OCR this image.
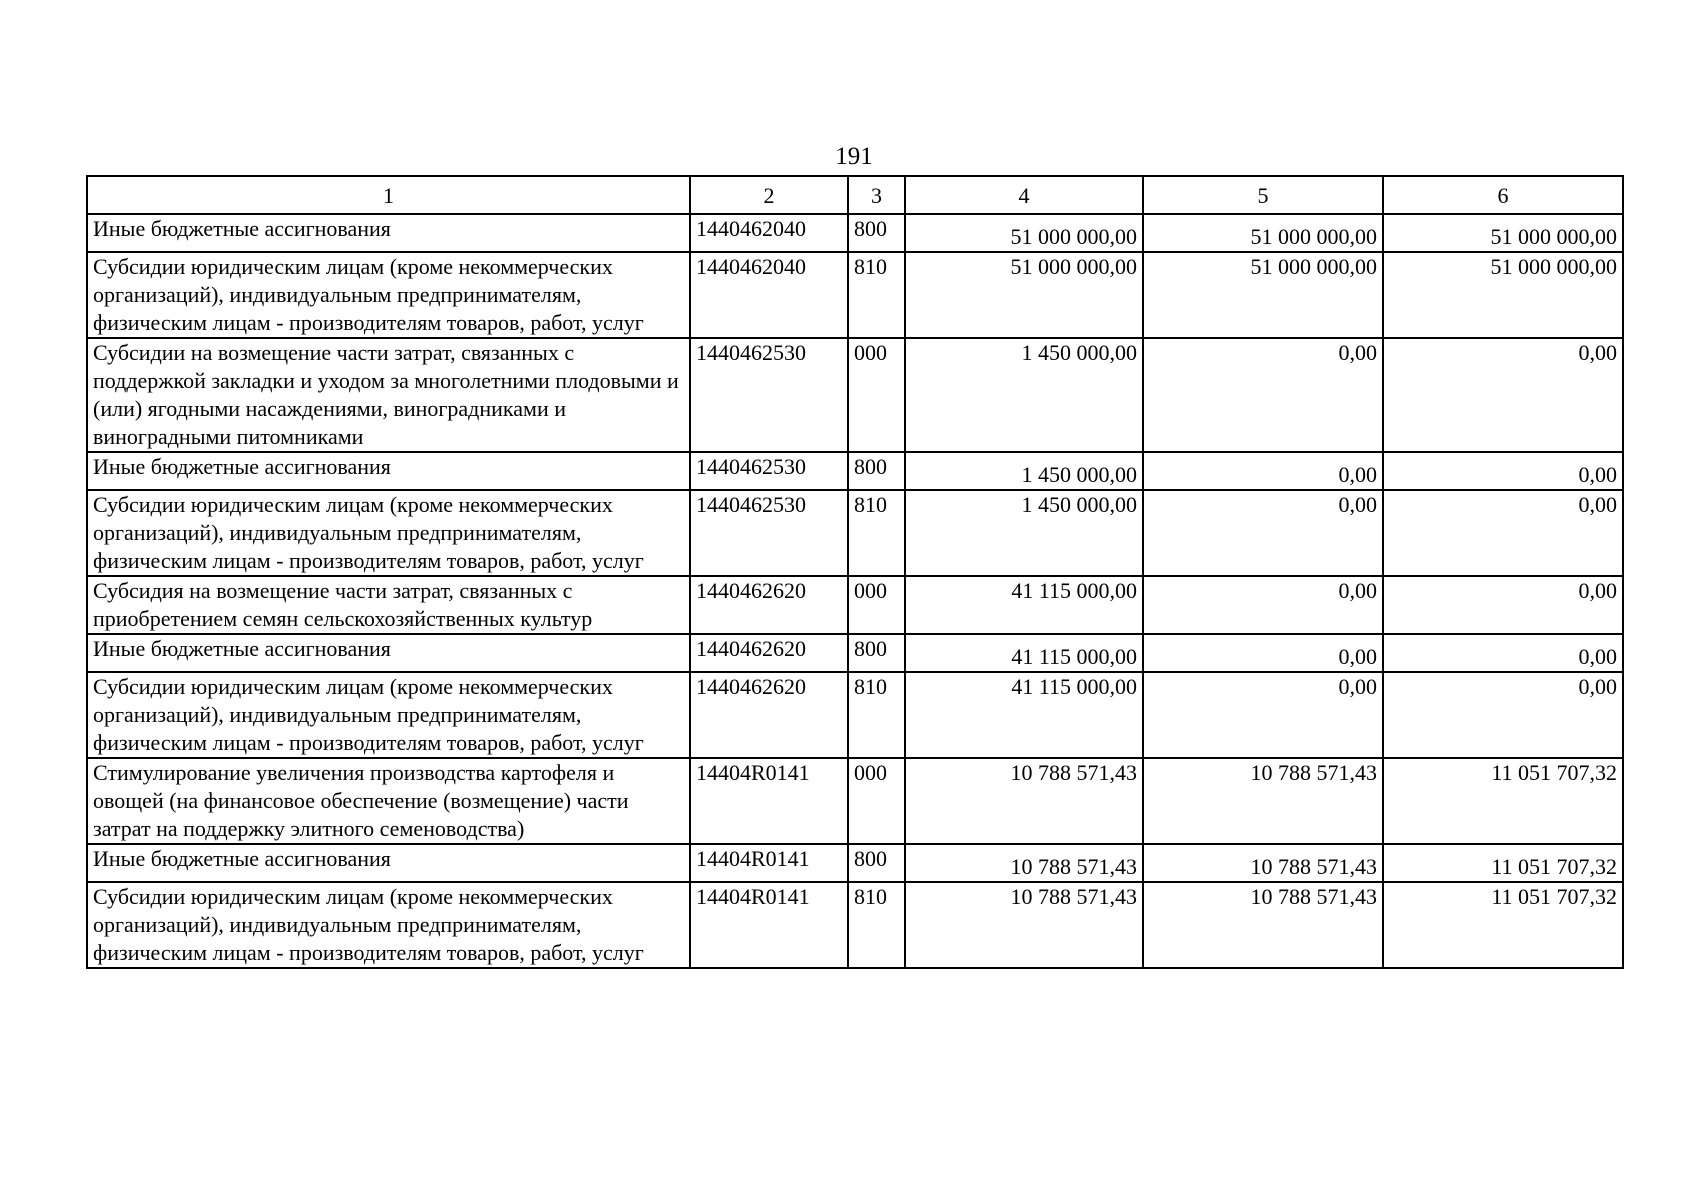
191
1	2	3	4	5	6
Иные бюджетные ассигнования	1440462040	800	51 000 000,00	51 000 000,00	51 000 000,00
Субсидии юридическим лицам (кроме некоммерческих организаций), индивидуальным предпринимателям, физическим лицам - производителям товаров, работ, услуг	1440462040	810	51 000 000,00	51 000 000,00	51 000 000,00
Субсидии на возмещение части затрат, связанных с поддержкой закладки и уходом за многолетними плодовыми и (или) ягодными насаждениями, виноградниками и виноградными питомниками	1440462530	000	1 450 000,00	0,00	0,00
Иные бюджетные ассигнования	1440462530	800	1 450 000,00	0,00	0,00
Субсидии юридическим лицам (кроме некоммерческих организаций), индивидуальным предпринимателям, физическим лицам - производителям товаров, работ, услуг	1440462530	810	1 450 000,00	0,00	0,00
Субсидия на возмещение части затрат, связанных с приобретением семян сельскохозяйственных культур	1440462620	000	41 115 000,00	0,00	0,00
Иные бюджетные ассигнования	1440462620	800	41 115 000,00	0,00	0,00
Субсидии юридическим лицам (кроме некоммерческих организаций), индивидуальным предпринимателям, физическим лицам - производителям товаров, работ, услуг	1440462620	810	41 115 000,00	0,00	0,00
Стимулирование увеличения производства картофеля и овощей (на финансовое обеспечение (возмещение) части затрат на поддержку элитного семеноводства)	14404R0141	000	10 788 571,43	10 788 571,43	11 051 707,32
Иные бюджетные ассигнования	14404R0141	800	10 788 571,43	10 788 571,43	11 051 707,32
Субсидии юридическим лицам (кроме некоммерческих организаций), индивидуальным предпринимателям, физическим лицам - производителям товаров, работ, услуг	14404R0141	810	10 788 571,43	10 788 571,43	11 051 707,32
